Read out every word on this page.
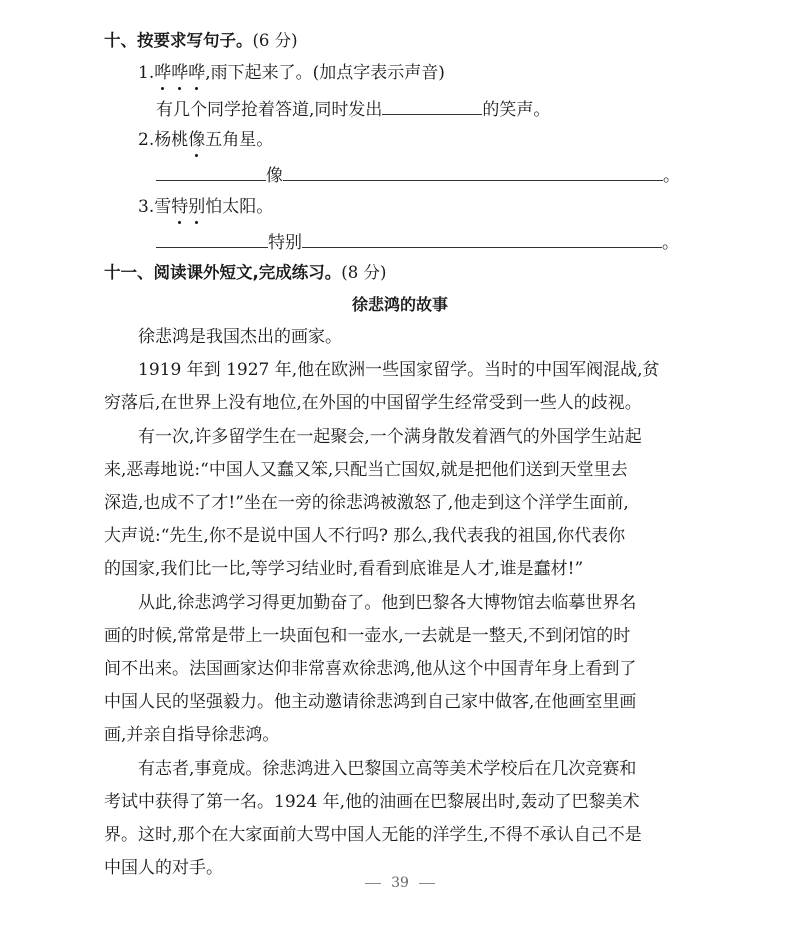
十、按要求写句子。(6 分)
1.哗哗哗,雨下起来了。(加点字表示声音)
有几个同学抢着答道,同时发出	的笑声。
2.杨桃像五角星。
像	。
3.雪特别怕太阳。
特别	。
十一、阅读课外短文,完成练习。(8 分)
徐悲鸿的故事
徐悲鸿是我国杰出的画家。
1919 年到 1927 年,他在欧洲一些国家留学。当时的中国军阀混战,贫
穷落后,在世界上没有地位,在外国的中国留学生经常受到一些人的歧视。
有一次,许多留学生在一起聚会,一个满身散发着酒气的外国学生站起
来,恶毒地说:“中国人又蠢又笨,只配当亡国奴,就是把他们送到天堂里去
深造,也成不了才!”坐在一旁的徐悲鸿被激怒了,他走到这个洋学生面前,
大声说:“先生,你不是说中国人不行吗? 那么,我代表我的祖国,你代表你
的国家,我们比一比,等学习结业时,看看到底谁是人才,谁是蠢材!”
从此,徐悲鸿学习得更加勤奋了。他到巴黎各大博物馆去临摹世界名
画的时候,常常是带上一块面包和一壶水,一去就是一整天,不到闭馆的时
间不出来。法国画家达仰非常喜欢徐悲鸿,他从这个中国青年身上看到了
中国人民的坚强毅力。他主动邀请徐悲鸿到自己家中做客,在他画室里画
画,并亲自指导徐悲鸿。
有志者,事竟成。徐悲鸿进入巴黎国立高等美术学校后在几次竞赛和
考试中获得了第一名。1924 年,他的油画在巴黎展出时,轰动了巴黎美术
界。这时,那个在大家面前大骂中国人无能的洋学生,不得不承认自己不是
中国人的对手。
39
